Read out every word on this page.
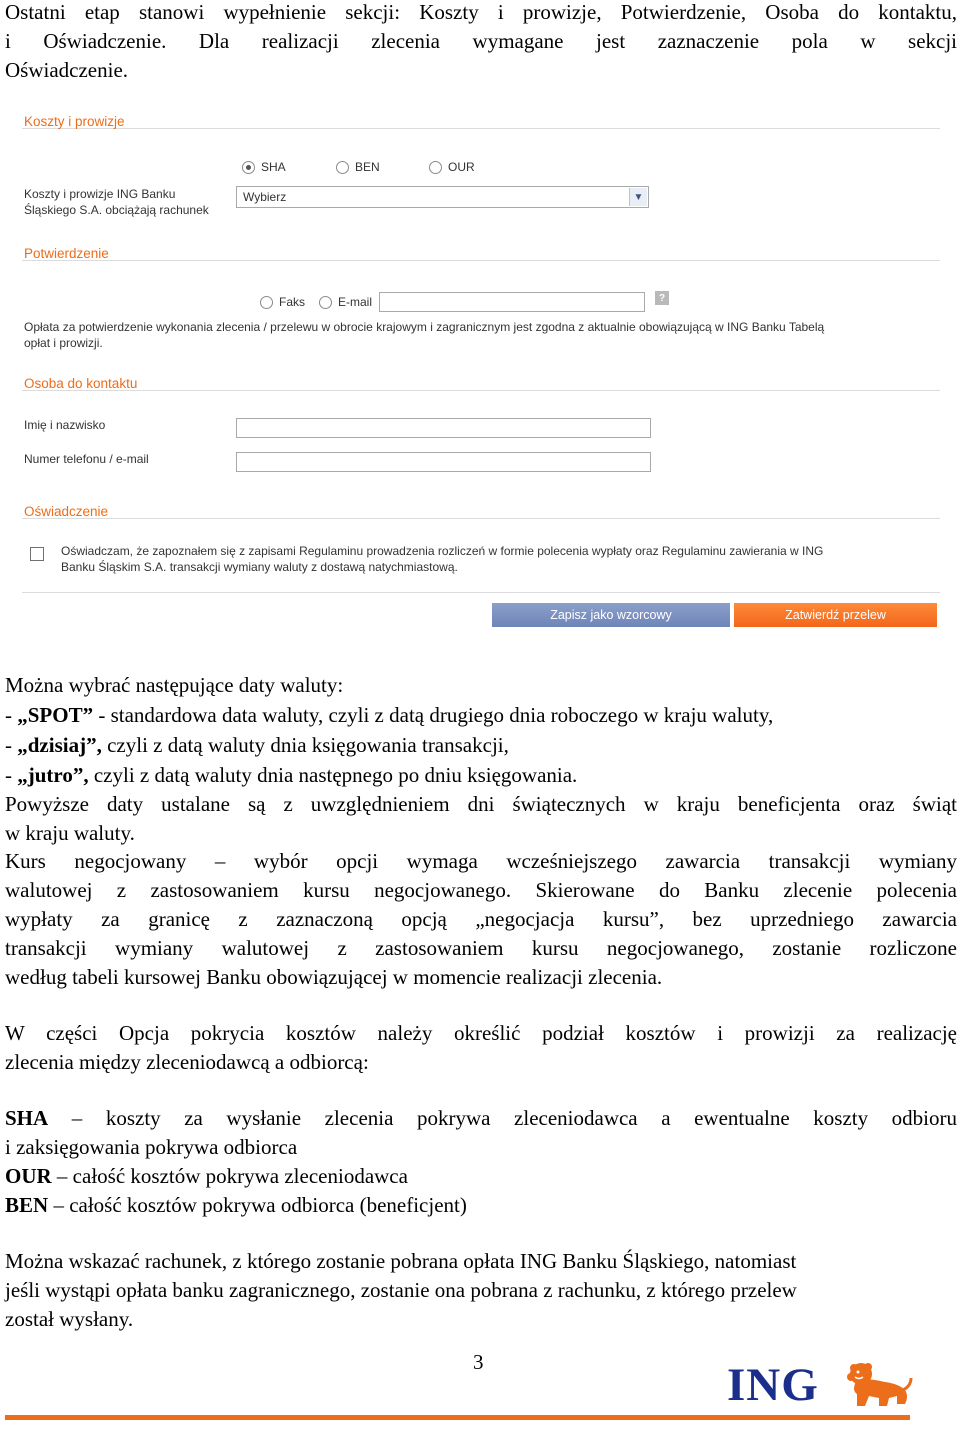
Ostatni etap stanowi wypełnienie sekcji: Koszty i prowizje, Potwierdzenie, Osoba do kontaktu,
i Oświadczenie. Dla realizacji zlecenia wymagane jest zaznaczenie pola w sekcji
Oświadczenie.

Koszty i prowizje
SHA	BEN	OUR
Koszty i prowizje ING Banku
Śląskiego S.A. obciążają rachunek
Wybierz	▼
Potwierdzenie
Faks	E-mail	?
Opłata za potwierdzenie wykonania zlecenia / przelewu w obrocie krajowym i zagranicznym jest zgodna z aktualnie obowiązującą w ING Banku Tabelą
opłat i prowizji.
Osoba do kontaktu
Imię i nazwisko
Numer telefonu / e-mail
Oświadczenie
Oświadczam, że zapoznałem się z zapisami Regulaminu prowadzenia rozliczeń w formie polecenia wypłaty oraz Regulaminu zawierania w ING
Banku Śląskim S.A. transakcji wymiany waluty z dostawą natychmiastową.
Zapisz jako wzorcowy	Zatwierdź przelew

Można wybrać następujące daty waluty:
- „SPOT” - standardowa data waluty, czyli z datą drugiego dnia roboczego w kraju waluty,
- „dzisiaj”, czyli z datą waluty dnia księgowania transakcji,
- „jutro”, czyli z datą waluty dnia następnego po dniu księgowania.

Powyższe daty ustalane są z uwzględnieniem dni świątecznych w kraju beneficjenta oraz świąt
w kraju waluty.

Kurs negocjowany – wybór opcji wymaga wcześniejszego zawarcia transakcji wymiany
walutowej z zastosowaniem kursu negocjowanego. Skierowane do Banku zlecenie polecenia
wypłaty za granicę z zaznaczoną opcją „negocjacja kursu”, bez uprzedniego zawarcia
transakcji wymiany walutowej z zastosowaniem kursu negocjowanego, zostanie rozliczone
według tabeli kursowej Banku obowiązującej w momencie realizacji zlecenia.

W części Opcja pokrycia kosztów należy określić podział kosztów i prowizji za realizację
zlecenia między zleceniodawcą a odbiorcą:

SHA – koszty za wysłanie zlecenia pokrywa zleceniodawca a ewentualne koszty odbioru
i zaksięgowania pokrywa odbiorca
OUR – całość kosztów pokrywa zleceniodawca
BEN – całość kosztów pokrywa odbiorca (beneficjent)

Można wskazać rachunek, z którego zostanie pobrana opłata ING Banku Śląskiego, natomiast
jeśli wystąpi opłata banku zagranicznego, zostanie ona pobrana z rachunku, z którego przelew
został wysłany.

3	ING
